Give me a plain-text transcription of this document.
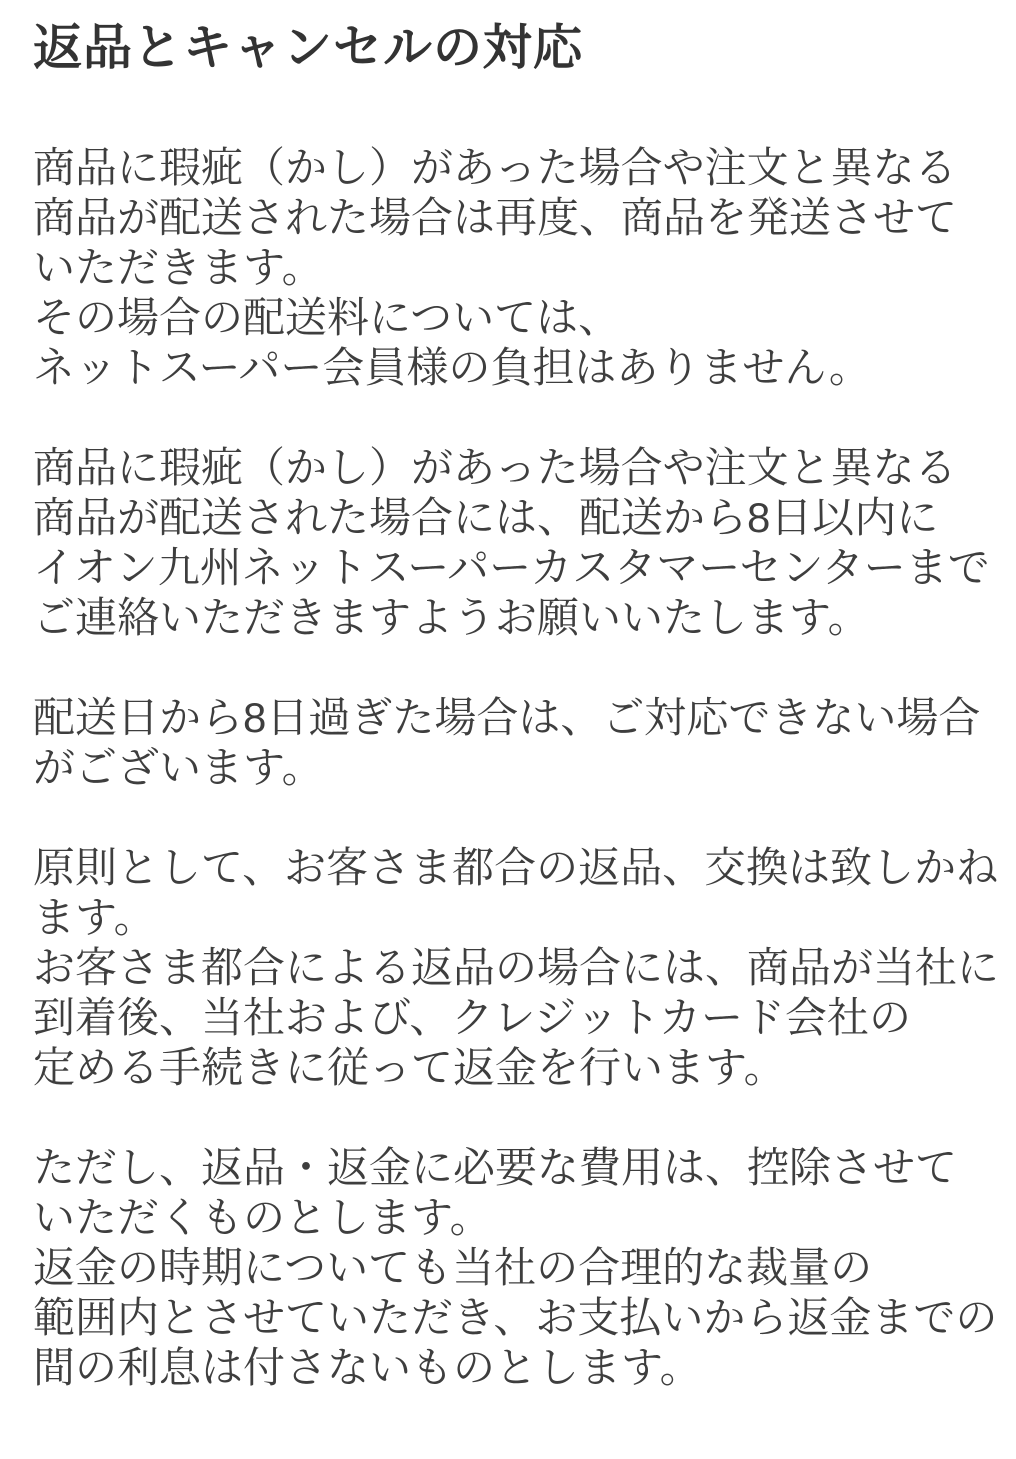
返品とキャンセルの対応
商品に瑕疵（かし）があった場合や注文と異なる
商品が配送された場合は再度、商品を発送させて
いただきます。
その場合の配送料については、
ネットスーパー会員様の負担はありません。
商品に瑕疵（かし）があった場合や注文と異なる
商品が配送された場合には、配送から8日以内に
イオン九州ネットスーパーカスタマーセンターまで
ご連絡いただきますようお願いいたします。
配送日から8日過ぎた場合は、ご対応できない場合
がございます。
原則として、お客さま都合の返品、交換は致しかね
ます。
お客さま都合による返品の場合には、商品が当社に
到着後、当社および、クレジットカード会社の
定める手続きに従って返金を行います。
ただし、返品・返金に必要な費用は、控除させて
いただくものとします。
返金の時期についても当社の合理的な裁量の
範囲内とさせていただき、お支払いから返金までの
間の利息は付さないものとします。
